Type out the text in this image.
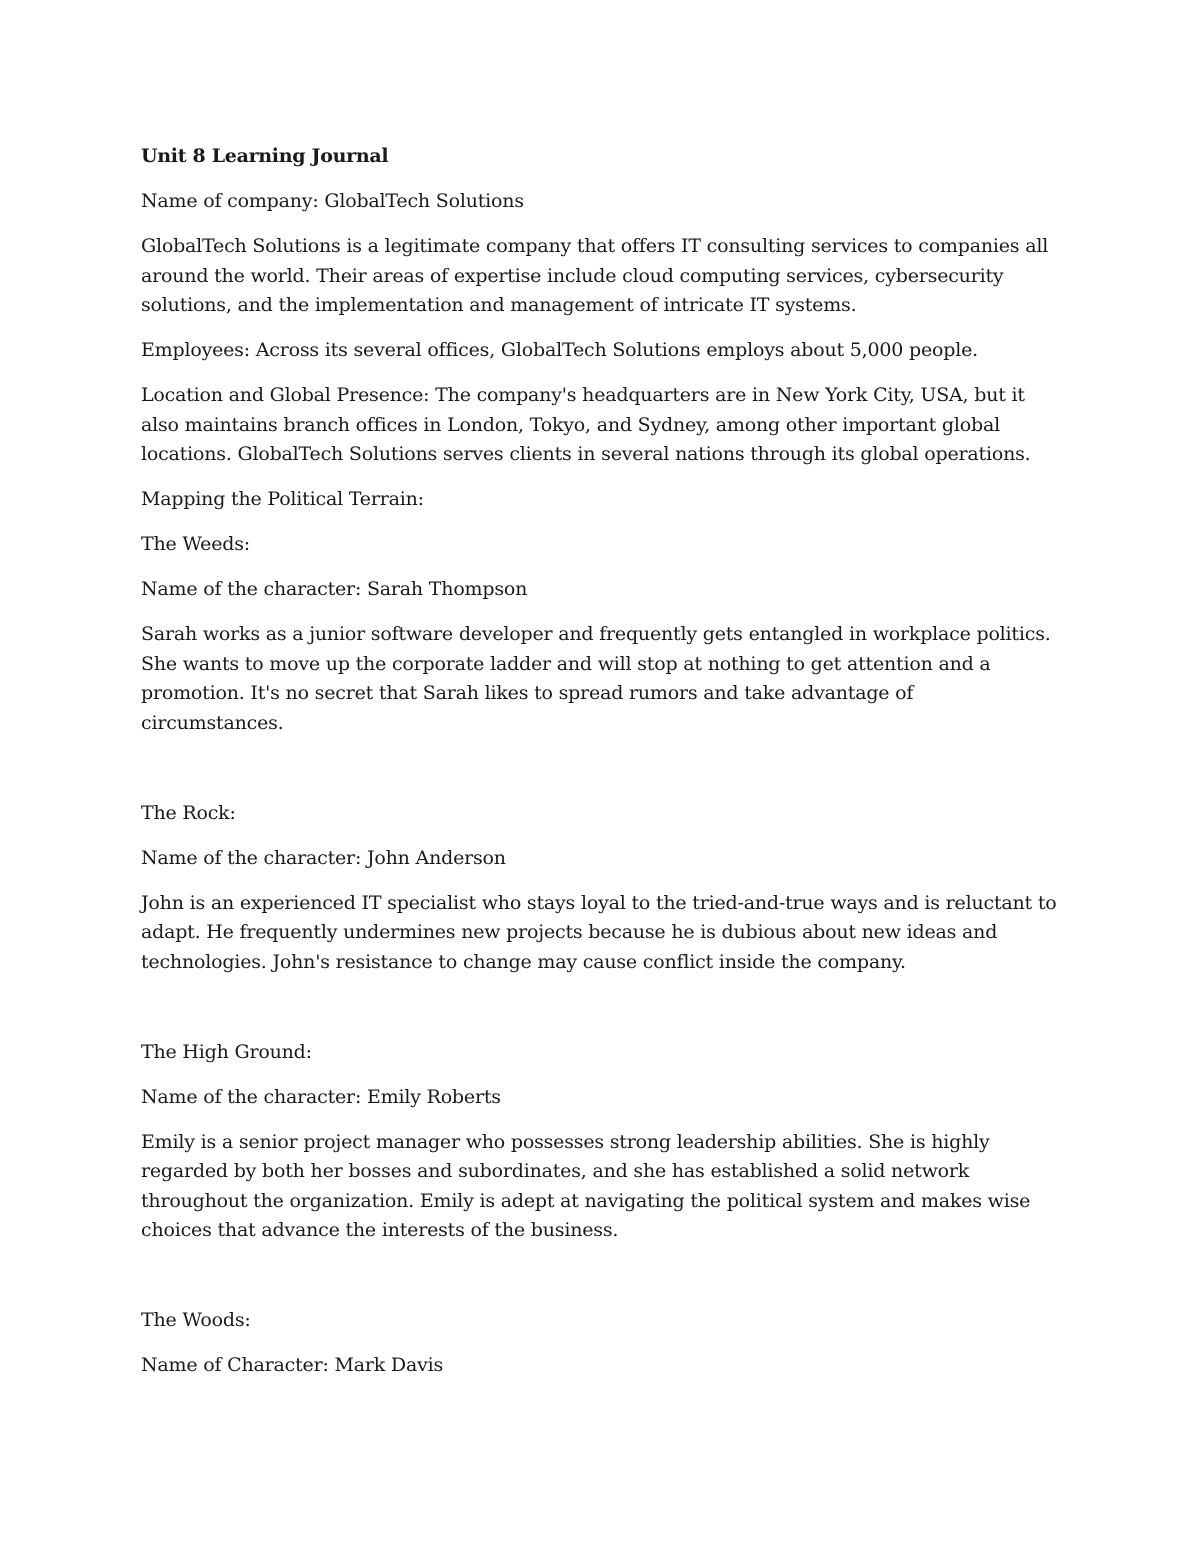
Unit 8 Learning Journal

Name of company: GlobalTech Solutions

GlobalTech Solutions is a legitimate company that offers IT consulting services to companies all around the world. Their areas of expertise include cloud computing services, cybersecurity solutions, and the implementation and management of intricate IT systems.

Employees: Across its several offices, GlobalTech Solutions employs about 5,000 people.

Location and Global Presence: The company's headquarters are in New York City, USA, but it also maintains branch offices in London, Tokyo, and Sydney, among other important global locations. GlobalTech Solutions serves clients in several nations through its global operations.

Mapping the Political Terrain:

The Weeds:

Name of the character: Sarah Thompson

Sarah works as a junior software developer and frequently gets entangled in workplace politics. She wants to move up the corporate ladder and will stop at nothing to get attention and a promotion. It's no secret that Sarah likes to spread rumors and take advantage of circumstances.

The Rock:

Name of the character: John Anderson

John is an experienced IT specialist who stays loyal to the tried-and-true ways and is reluctant to adapt. He frequently undermines new projects because he is dubious about new ideas and technologies. John's resistance to change may cause conflict inside the company.

The High Ground:

Name of the character: Emily Roberts

Emily is a senior project manager who possesses strong leadership abilities. She is highly regarded by both her bosses and subordinates, and she has established a solid network throughout the organization. Emily is adept at navigating the political system and makes wise choices that advance the interests of the business.

The Woods:

Name of Character: Mark Davis
